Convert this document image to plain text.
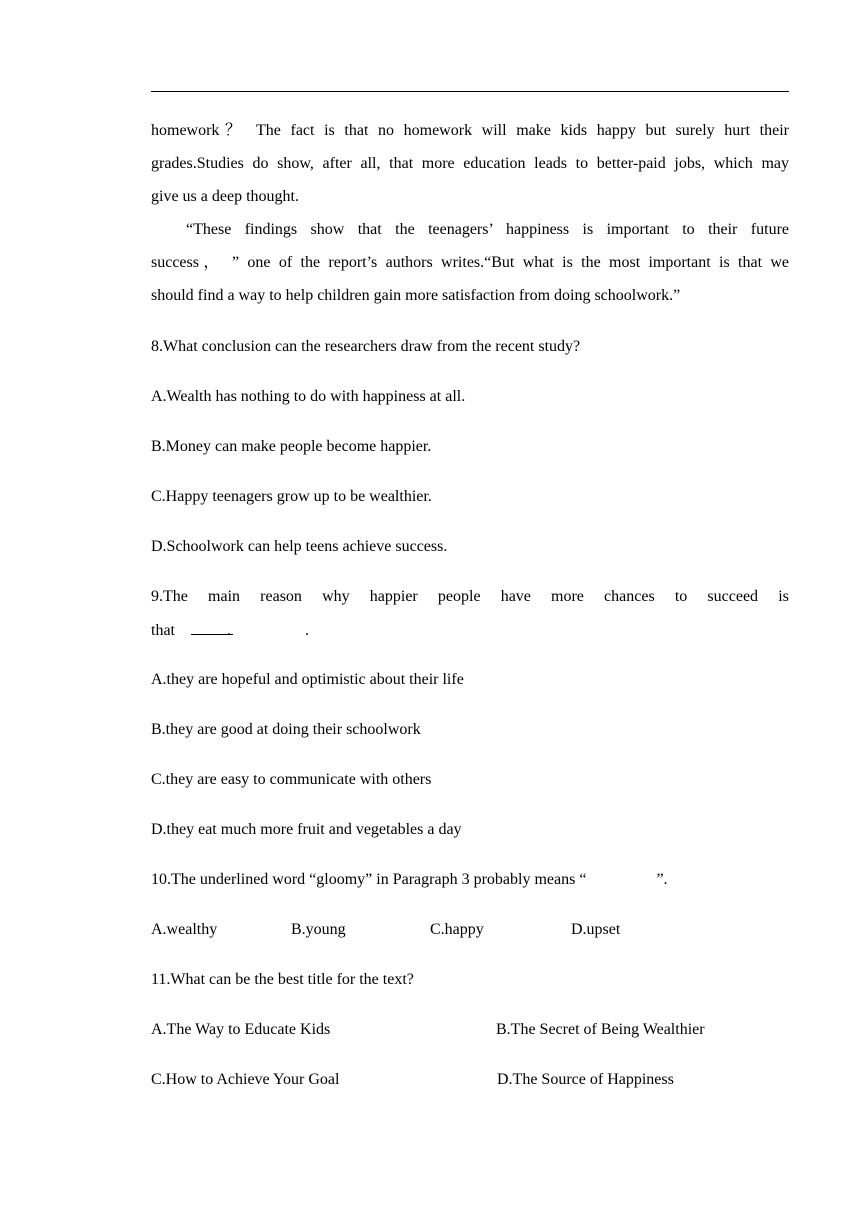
homework？ The fact is that no homework will make kids happy but surely hurt their
grades.Studies do show, after all, that more education leads to better-paid jobs, which may
give us a deep thought.
“These findings show that the teenagers’ happiness is important to their future
success， ” one of the report’s authors writes.“But what is the most important is that we
should find a way to help children gain more satisfaction from doing schoolwork.”
8.What conclusion can the researchers draw from the recent study?
A.Wealth has nothing to do with happiness at all.
B.Money can make people become happier.
C.Happy teenagers grow up to be wealthier.
D.Schoolwork can help teens achieve success.
9.The main reason why happier people have more chances to succeed is
that	.	.
A.they are hopeful and optimistic about their life
B.they are good at doing their schoolwork
C.they are easy to communicate with others
D.they eat much more fruit and vegetables a day
10.The underlined word “gloomy” in Paragraph 3 probably means “	”.
A.wealthy	B.young	C.happy	D.upset
11.What can be the best title for the text?
A.The Way to Educate Kids	B.The Secret of Being Wealthier
C.How to Achieve Your Goal	D.The Source of Happiness
